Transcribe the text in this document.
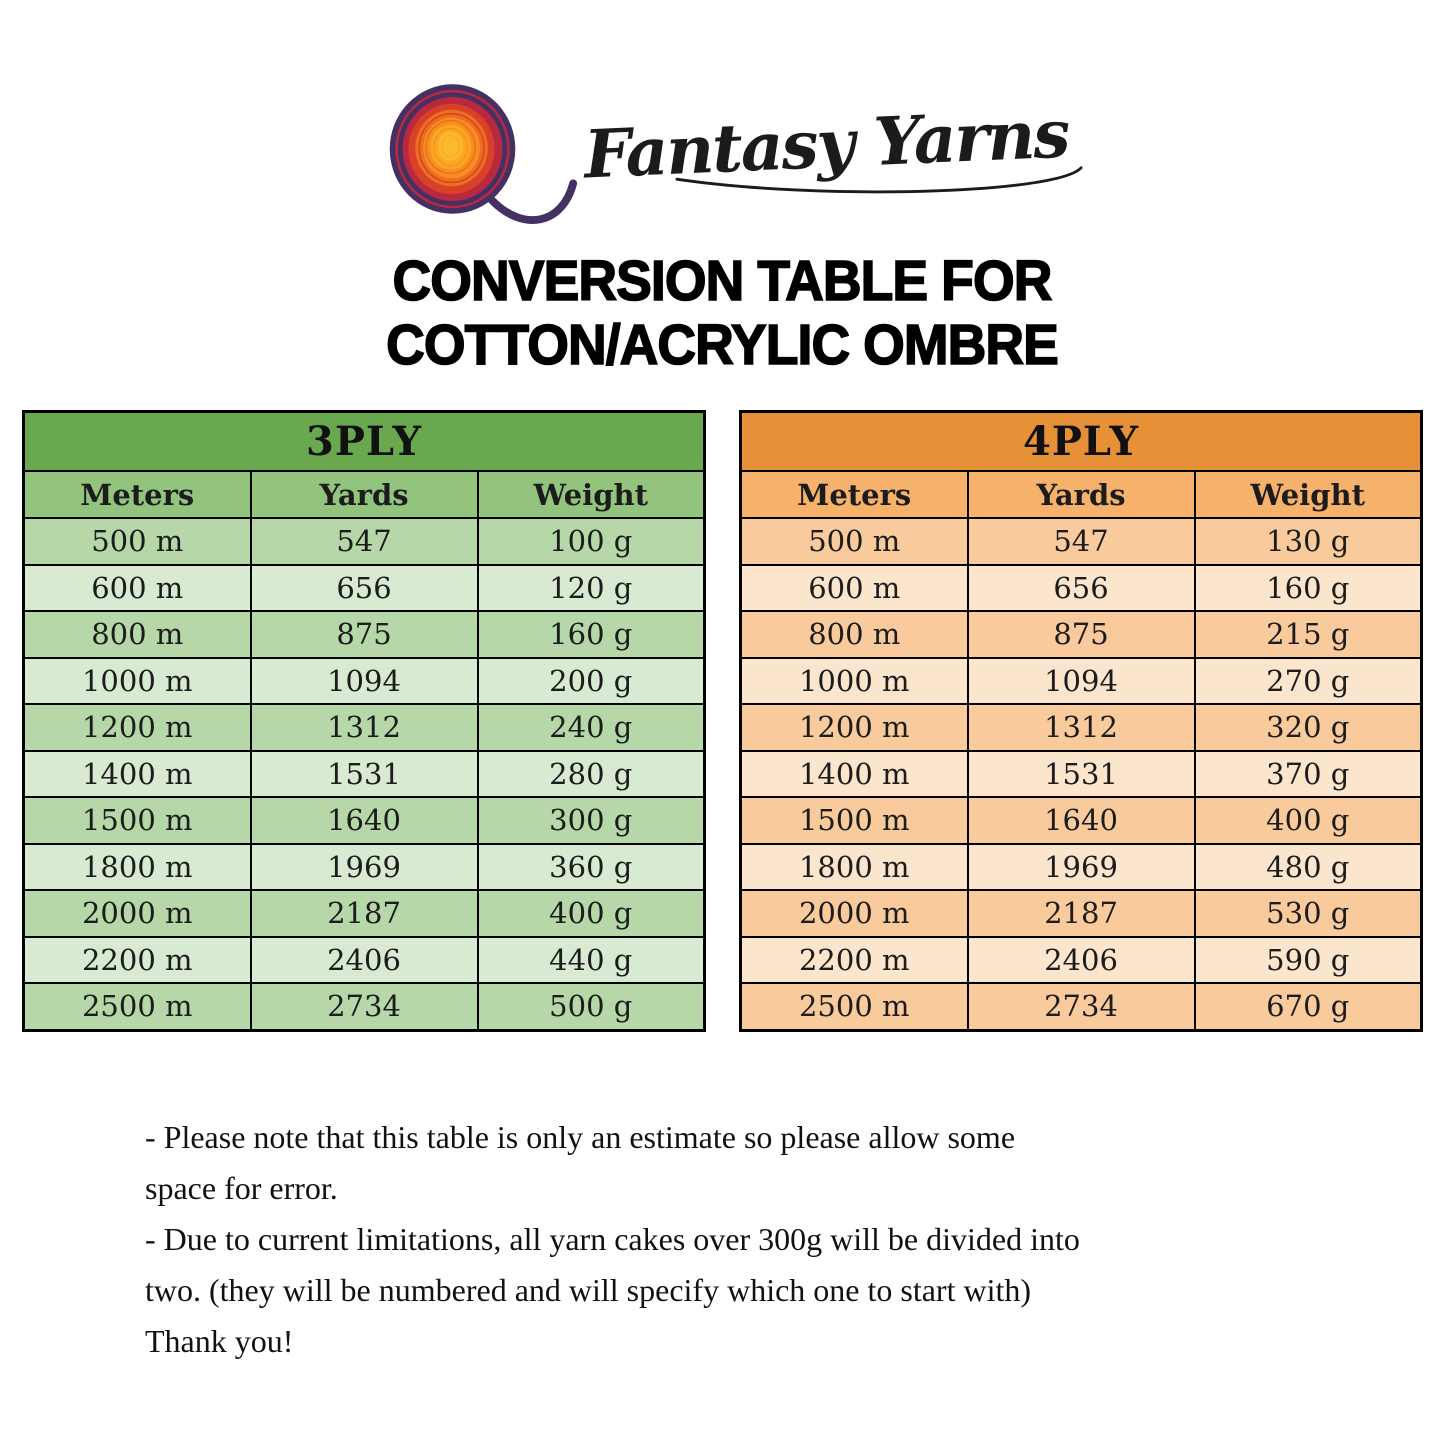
Fantasy Yarns
CONVERSION TABLE FOR COTTON/ACRYLIC OMBRE
3PLY		
Meters	Yards	Weight
500 m	547	100 g
600 m	656	120 g
800 m	875	160 g
1000 m	1094	200 g
1200 m	1312	240 g
1400 m	1531	280 g
1500 m	1640	300 g
1800 m	1969	360 g
2000 m	2187	400 g
2200 m	2406	440 g
2500 m	2734	500 g
4PLY		
Meters	Yards	Weight
500 m	547	130 g
600 m	656	160 g
800 m	875	215 g
1000 m	1094	270 g
1200 m	1312	320 g
1400 m	1531	370 g
1500 m	1640	400 g
1800 m	1969	480 g
2000 m	2187	530 g
2200 m	2406	590 g
2500 m	2734	670 g

- Please note that this table is only an estimate so please allow some

space for error.

- Due to current limitations, all yarn cakes over 300g will be divided into

two. (they will be numbered and will specify which one to start with)

Thank you!
